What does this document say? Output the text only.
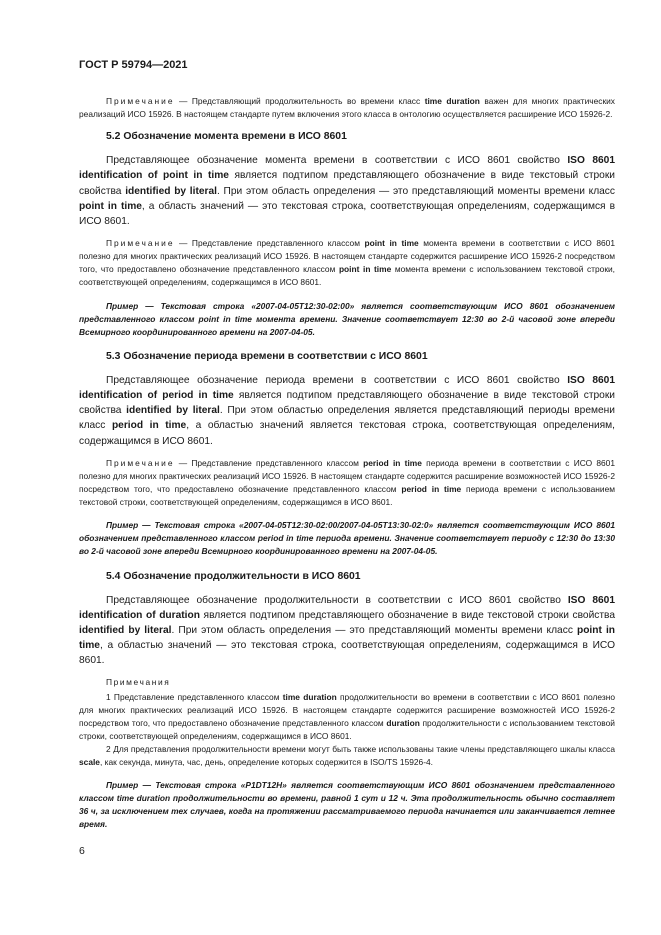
ГОСТ Р 59794—2021

Примечание — Представляющий продолжительность во времени класс time duration важен для многих практических реализаций ИСО 15926. В настоящем стандарте путем включения этого класса в онтологию осуществляется расширение ИСО 15926-2.

5.2 Обозначение момента времени в ИСО 8601

Представляющее обозначение момента времени в соответствии с ИСО 8601 свойство ISO 8601 identification of point in time является подтипом представляющего обозначение в виде текстовый строки свойства identified by literal. При этом область определения — это представляющий моменты времени класс point in time, а область значений — это текстовая строка, соответствующая определениям, содержащимся в ИСО 8601.

Примечание — Представление представленного классом point in time момента времени в соответствии с ИСО 8601 полезно для многих практических реализаций ИСО 15926. В настоящем стандарте содержится расширение ИСО 15926-2 посредством того, что предоставлено обозначение представленного классом point in time момента времени с использованием текстовой строки, соответствующей определениям, содержащимся в ИСО 8601.

Пример — Текстовая строка «2007-04-05T12:30-02:00» является соответствующим ИСО 8601 обозначением представленного классом point in time момента времени. Значение соответствует 12:30 во 2-й часовой зоне впереди Всемирного координированного времени на 2007-04-05.

5.3 Обозначение периода времени в соответствии с ИСО 8601

Представляющее обозначение периода времени в соответствии с ИСО 8601 свойство ISO 8601 identification of period in time является подтипом представляющего обозначение в виде текстовой строки свойства identified by literal. При этом областью определения является представляющий периоды времени класс period in time, а областью значений является текстовая строка, соответствующая определениям, содержащимся в ИСО 8601.

Примечание — Представление представленного классом period in time периода времени в соответствии с ИСО 8601 полезно для многих практических реализаций ИСО 15926. В настоящем стандарте содержится расширение возможностей ИСО 15926-2 посредством того, что предоставлено обозначение представленного классом period in time периода времени с использованием текстовой строки, соответствующей определениям, содержащимся в ИСО 8601.

Пример — Текстовая строка «2007-04-05T12:30-02:00/2007-04-05T13:30-02:0» является соответствующим ИСО 8601 обозначением представленного классом period in time периода времени. Значение соответствует периоду с 12:30 до 13:30 во 2-й часовой зоне впереди Всемирного координированного времени на 2007-04-05.

5.4 Обозначение продолжительности в ИСО 8601

Представляющее обозначение продолжительности в соответствии с ИСО 8601 свойство ISO 8601 identification of duration является подтипом представляющего обозначение в виде текстовой строки свойства identified by literal. При этом область определения — это представляющий моменты времени класс point in time, а областью значений — это текстовая строка, соответствующая определениям, содержащимся в ИСО 8601.

Примечания

1 Представление представленного классом time duration продолжительности во времени в соответствии с ИСО 8601 полезно для многих практических реализаций ИСО 15926. В настоящем стандарте содержится расширение возможностей ИСО 15926-2 посредством того, что предоставлено обозначение представленного классом duration продолжительности с использованием текстовой строки, соответствующей определениям, содержащимся в ИСО 8601.

2 Для представления продолжительности времени могут быть также использованы такие члены представляющего шкалы класса scale, как секунда, минута, час, день, определение которых содержится в ISO/TS 15926-4.

Пример — Текстовая строка «P1DT12H» является соответствующим ИСО 8601 обозначением представленного классом time duration продолжительности во времени, равной 1 сут и 12 ч. Эта продолжительность обычно составляет 36 ч, за исключением тех случаев, когда на протяжении рассматриваемого периода начинается или заканчивается летнее время.

6
